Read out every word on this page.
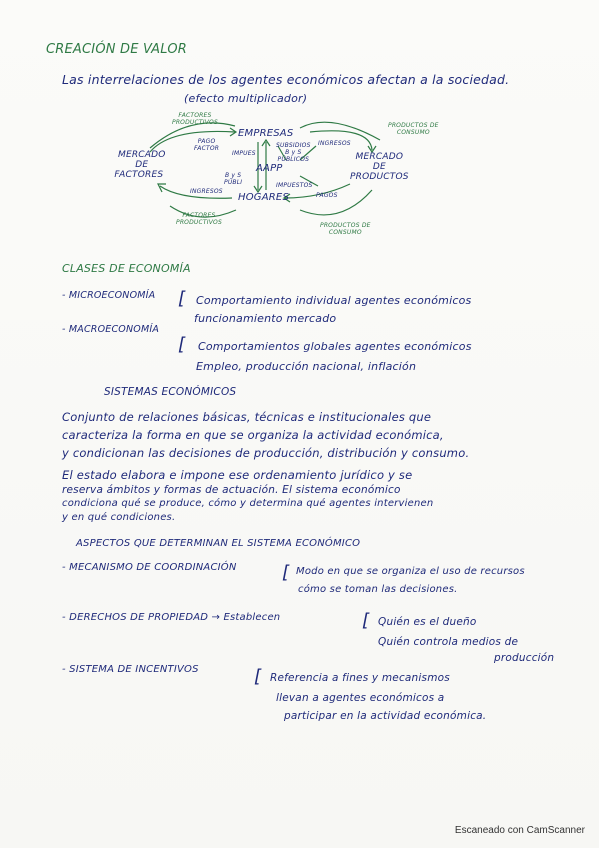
CREACIÓN DE VALOR
Las interrelaciones de los agentes económicos afectan a la sociedad.
(efecto multiplicador)
EMPRESAS
HOGARES
AAPP
MERCADO
DE
FACTORES
MERCADO
DE
PRODUCTOS
FACTORES
PRODUCTIVOS	PRODUCTOS DE
CONSUMO
FACTORES
PRODUCTIVOS	PRODUCTOS DE
CONSUMO
PAGO
FACTOR
INGRESOS
IMPUES
SUBSIDIOS
B y S
PÚBLICOS
B y S
PÚBLI	IMPUESTOS
INGRESOS
PAGOS
CLASES DE ECONOMÍA
- MICROECONOMÍA [ Comportamiento individual agentes económicos
funcionamiento mercado
- MACROECONOMÍA
[ Comportamientos globales agentes económicos
Empleo, producción nacional, inflación
SISTEMAS ECONÓMICOS
Conjunto de relaciones básicas, técnicas e institucionales que
caracteriza la forma en que se organiza la actividad económica,
y condicionan las decisiones de producción, distribución y consumo.
El estado elabora e impone ese ordenamiento jurídico y se
reserva ámbitos y formas de actuación. El sistema económico
condiciona qué se produce, cómo y determina qué agentes intervienen
y en qué condiciones.
ASPECTOS QUE DETERMINAN EL SISTEMA ECONÓMICO
- MECANISMO DE COORDINACIÓN	[ Modo en que se organiza el uso de recursos
cómo se toman las decisiones.
- DERECHOS DE PROPIEDAD → Establecen	[ Quién es el dueño
Quién controla medios de
producción
- SISTEMA DE INCENTIVOS	[ Referencia a fines y mecanismos
llevan a agentes económicos a
participar en la actividad económica.
Escaneado con CamScanner
